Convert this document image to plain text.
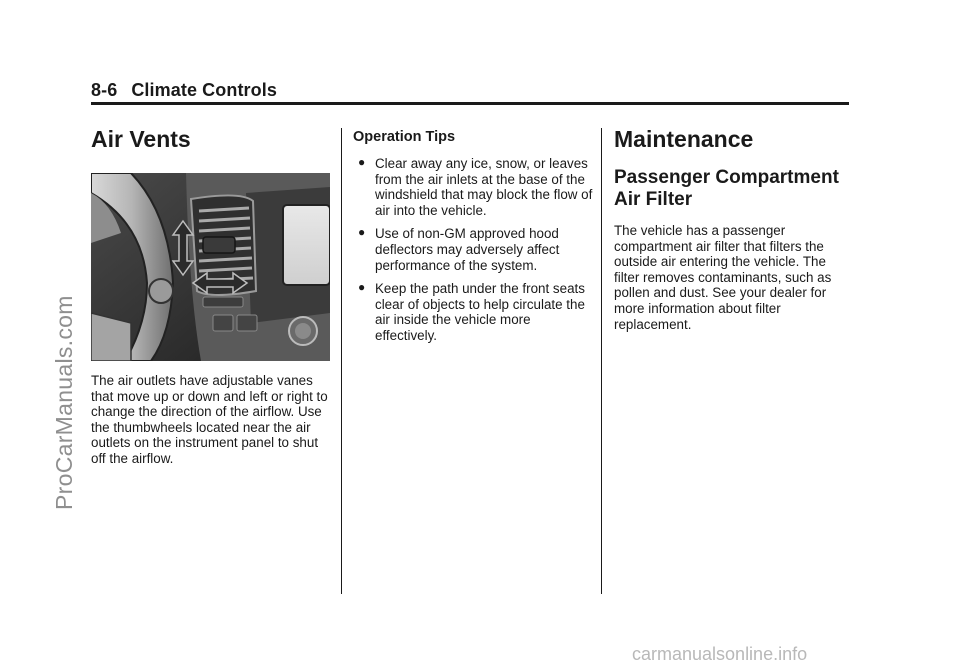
8-6 Climate Controls
Air Vents

The air outlets have adjustable vanes that move up or down and left or right to change the direction of the airflow. Use the thumbwheels located near the air outlets on the instrument panel to shut off the airflow.

Operation Tips
● Clear away any ice, snow, or leaves from the air inlets at the base of the windshield that may block the flow of air into the vehicle.
● Use of non-GM approved hood deflectors may adversely affect performance of the system.
● Keep the path under the front seats clear of objects to help circulate the air inside the vehicle more effectively.
Maintenance
Passenger Compartment Air Filter

The vehicle has a passenger compartment air filter that filters the outside air entering the vehicle. The filter removes contaminants, such as pollen and dust. See your dealer for more information about filter replacement.

ProCarManuals.com
carmanualsonline.info
